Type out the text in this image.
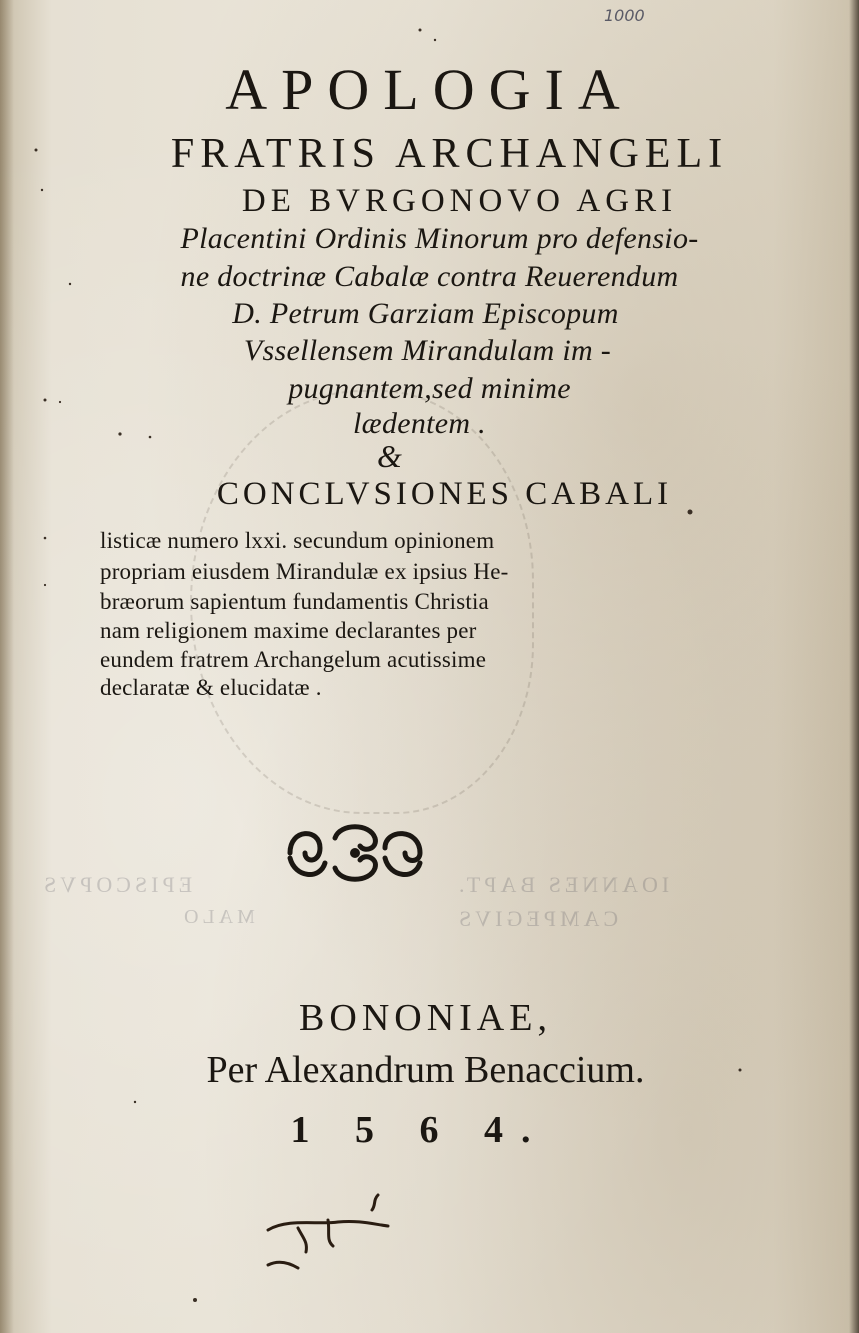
1000
EPISCOPVS
MALO
IOANNES BAPT.
CAMPEGIVS
APOLOGIA
FRATRIS ARCHANGELI
DE BVRGONOVO AGRI
Placentini Ordinis Minorum pro defensio-
ne doctrinæ Cabalæ contra Reuerendum
D. Petrum Garziam Episcopum
Vssellensem Mirandulam im -
pugnantem,sed minime
lædentem .
&
CONCLVSIONES CABALI
listicæ numero lxxi. secundum opinionem
propriam eiusdem Mirandulæ ex ipsius He-
bræorum sapientum fundamentis Christia
nam religionem maxime declarantes per
eundem fratrem Archangelum acutissime
declaratæ & elucidatæ .
BONONIAE,
Per Alexandrum Benaccium.
1 5 6 4.
